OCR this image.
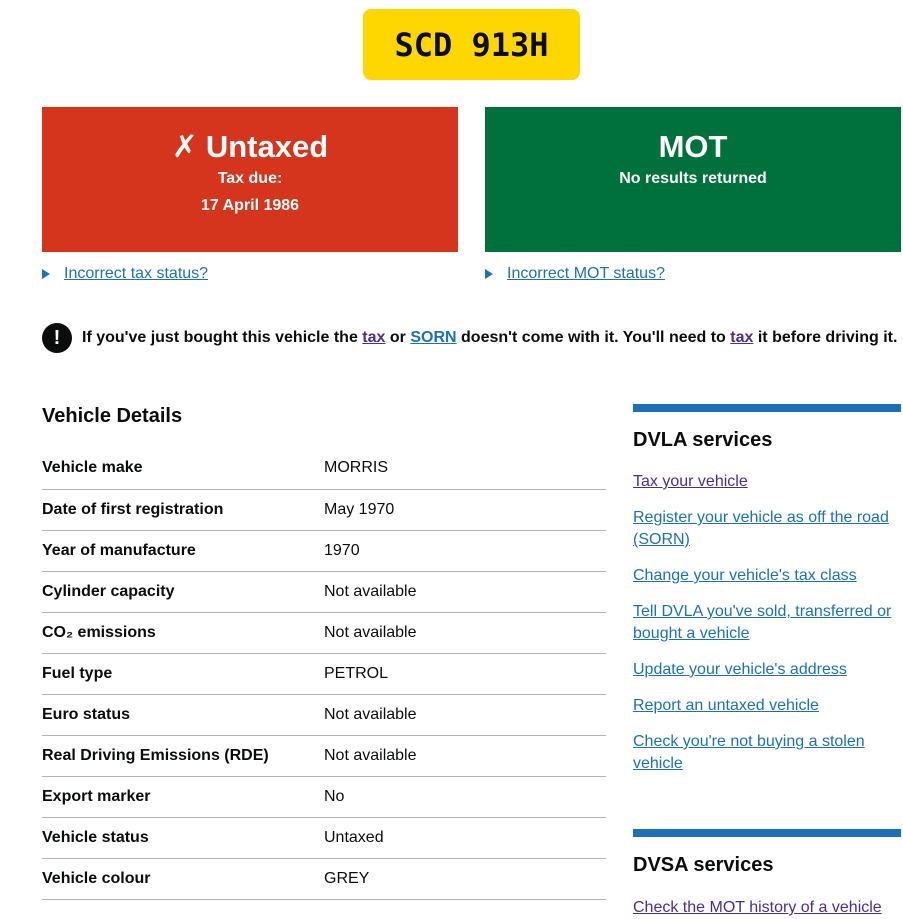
SCD 913H
✗ Untaxed
Tax due:
17 April 1986
MOT
No results returned
Incorrect tax status?	Incorrect MOT status?
!	If you've just bought this vehicle the tax or SORN doesn't come with it. You'll need to tax it before driving it.
Vehicle Details
Vehicle make	MORRIS
Date of first registration	May 1970
Year of manufacture	1970
Cylinder capacity	Not available
CO₂ emissions	Not available
Fuel type	PETROL
Euro status	Not available
Real Driving Emissions (RDE)	Not available
Export marker	No
Vehicle status	Untaxed
Vehicle colour	GREY
DVLA services
Tax your vehicle
Register your vehicle as off the road (SORN)
Change your vehicle's tax class
Tell DVLA you've sold, transferred or bought a vehicle
Update your vehicle's address
Report an untaxed vehicle
Check you're not buying a stolen vehicle
DVSA services
Check the MOT history of a vehicle
